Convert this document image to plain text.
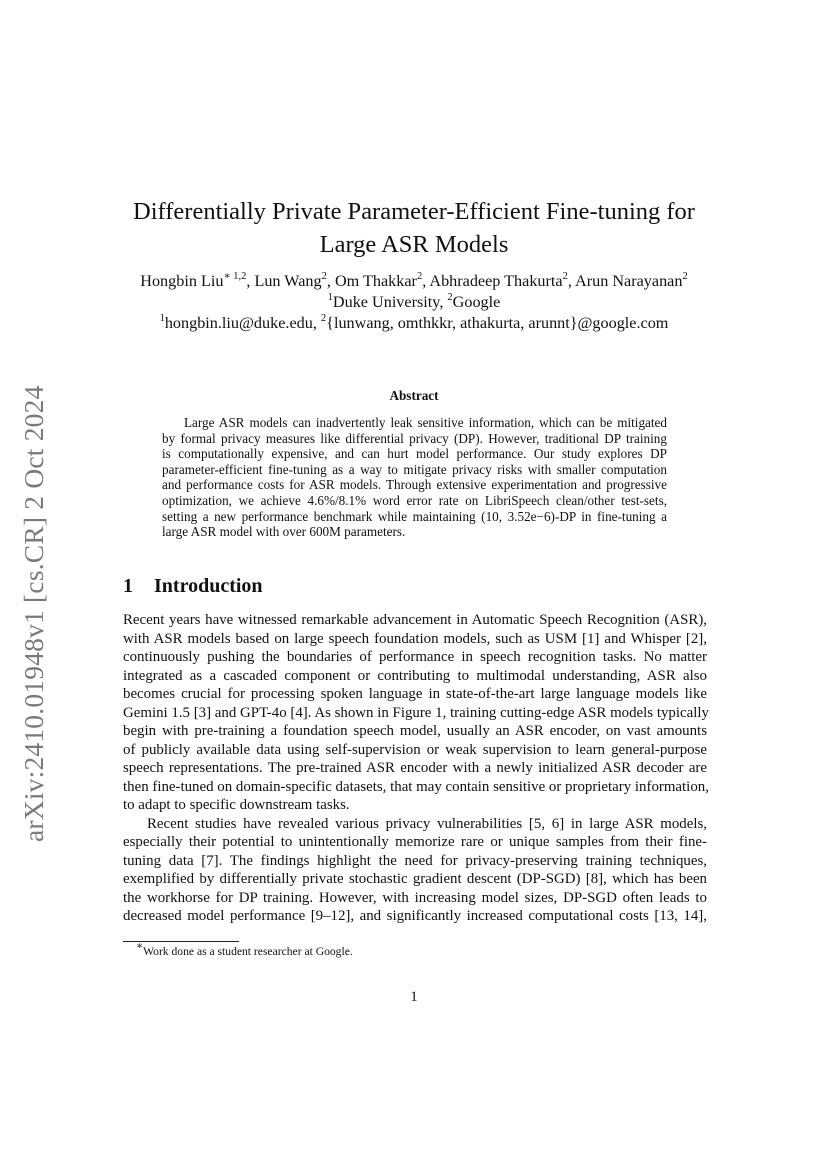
arXiv:2410.01948v1 [cs.CR] 2 Oct 2024
Differentially Private Parameter-Efficient Fine-tuning for
Large ASR Models
Hongbin Liu$^{∗ 1,2}$, Lun Wang$^2$, Om Thakkar$^2$, Abhradeep Thakurta$^2$, Arun Narayanan$^2$
$^1$Duke University, $^2$Google
$^1$hongbin.liu@duke.edu, $^2${lunwang, omthkkr, athakurta, arunnt}@google.com
Abstract
Large ASR models can inadvertently leak sensitive information, which can be mitigated
by formal privacy measures like differential privacy (DP). However, traditional DP training
is computationally expensive, and can hurt model performance. Our study explores DP
parameter-efficient fine-tuning as a way to mitigate privacy risks with smaller computation
and performance costs for ASR models. Through extensive experimentation and progressive
optimization, we achieve 4.6%/8.1% word error rate on LibriSpeech clean/other test-sets,
setting a new performance benchmark while maintaining (10, 3.52e−6)-DP in fine-tuning a
large ASR model with over 600M parameters.
1 Introduction
Recent years have witnessed remarkable advancement in Automatic Speech Recognition (ASR),
with ASR models based on large speech foundation models, such as USM [1] and Whisper [2],
continuously pushing the boundaries of performance in speech recognition tasks. No matter
integrated as a cascaded component or contributing to multimodal understanding, ASR also
becomes crucial for processing spoken language in state-of-the-art large language models like
Gemini 1.5 [3] and GPT-4o [4]. As shown in Figure 1, training cutting-edge ASR models typically
begin with pre-training a foundation speech model, usually an ASR encoder, on vast amounts
of publicly available data using self-supervision or weak supervision to learn general-purpose
speech representations. The pre-trained ASR encoder with a newly initialized ASR decoder are
then fine-tuned on domain-specific datasets, that may contain sensitive or proprietary information,
to adapt to specific downstream tasks.
Recent studies have revealed various privacy vulnerabilities [5, 6] in large ASR models,
especially their potential to unintentionally memorize rare or unique samples from their fine-
tuning data [7]. The findings highlight the need for privacy-preserving training techniques,
exemplified by differentially private stochastic gradient descent (DP-SGD) [8], which has been
the workhorse for DP training. However, with increasing model sizes, DP-SGD often leads to
decreased model performance [9–12], and significantly increased computational costs [13, 14],
∗Work done as a student researcher at Google.
1
